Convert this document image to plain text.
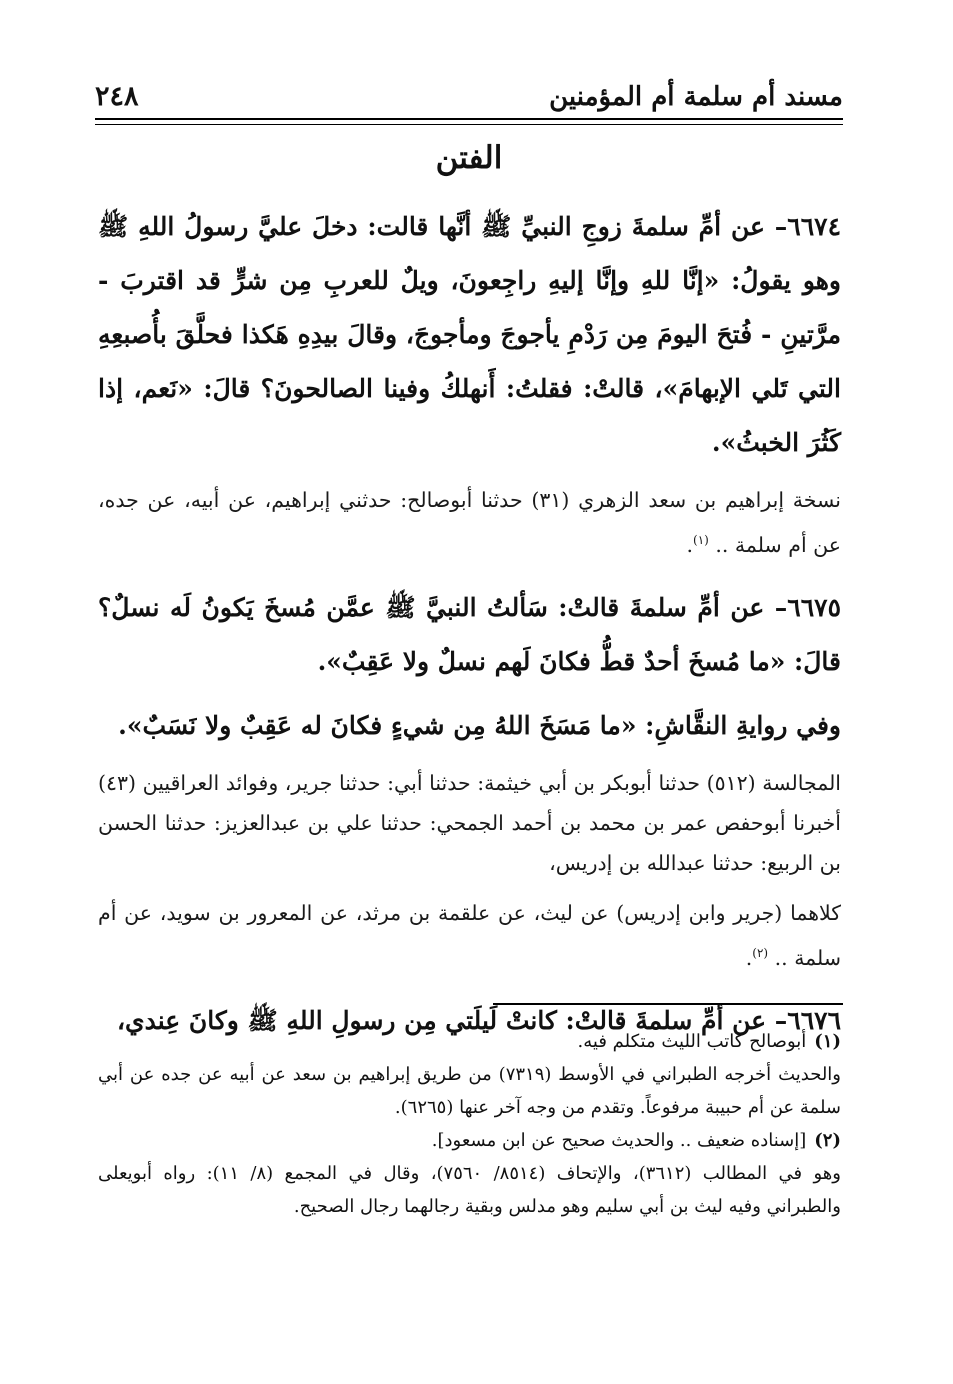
مسند أم سلمة أم المؤمنين
٢٤٨
الفتن

٦٦٧٤– عن أمِّ سلمةَ زوجِ النبيِّ ﷺ أنَّها قالت: دخلَ عليَّ رسولُ اللهِ ﷺ وهو يقولُ: «إنَّا للهِ وإنَّا إليهِ راجِعونَ، ويلٌ للعربِ مِن شرٍّ قد اقتربَ - مرَّتينِ - فُتحَ اليومَ مِن رَدْمِ يأجوجَ ومأجوجَ، وقالَ بيدِهِ هَكذا فحلَّقَ بأُصبعِهِ التي تَلي الإبهامَ»، قالتْ: فقلتُ: أَنهلكُ وفينا الصالحونَ؟ قالَ: «نَعم، إذا كَثُرَ الخبثُ».

نسخة إبراهيم بن سعد الزهري (٣١) حدثنا أبوصالح: حدثني إبراهيم، عن أبيه، عن جده، عن أم سلمة .. $^{(١)}$.

٦٦٧٥– عن أمِّ سلمةَ قالتْ: سَألتُ النبيَّ ﷺ عمَّن مُسخَ يَكونُ لَه نسلٌ؟ قالَ: «ما مُسخَ أحدٌ قطُّ فكانَ لَهم نسلٌ ولا عَقِبٌ».

وفي روايةِ النقَّاشِ: «ما مَسَخَ اللهُ مِن شيءٍ فكانَ له عَقِبٌ ولا نَسَبٌ».

المجالسة (٥١٢) حدثنا أبوبكر بن أبي خيثمة: حدثنا أبي: حدثنا جرير، وفوائد العراقيين (٤٣) أخبرنا أبوحفص عمر بن محمد بن أحمد الجمحي: حدثنا علي بن عبدالعزيز: حدثنا الحسن بن الربيع: حدثنا عبدالله بن إدريس،

كلاهما (جرير وابن إدريس) عن ليث، عن علقمة بن مرثد، عن المعرور بن سويد، عن أم سلمة .. $^{(٢)}$.

٦٦٧٦– عن أمِّ سلمةَ قالتْ: كانتْ لَيلَتي مِن رسولِ اللهِ ﷺ وكانَ عِندي،

(١)أبوصالح كاتب الليث متكلم فيه.

والحديث أخرجه الطبراني في الأوسط (٧٣١٩) من طريق إبراهيم بن سعد عن أبيه عن جده عن أبي سلمة عن أم حبيبة مرفوعاً. وتقدم من وجه آخر عنها (٦٢٦٥).

(٢)[إسناده ضعيف .. والحديث صحيح عن ابن مسعود].

وهو في المطالب (٣٦١٢)، والإتحاف (٨٥١٤/ ٧٥٦٠)، وقال في المجمع (٨/ ١١): رواه أبويعلى والطبراني وفيه ليث بن أبي سليم وهو مدلس وبقية رجالهما رجال الصحيح.
